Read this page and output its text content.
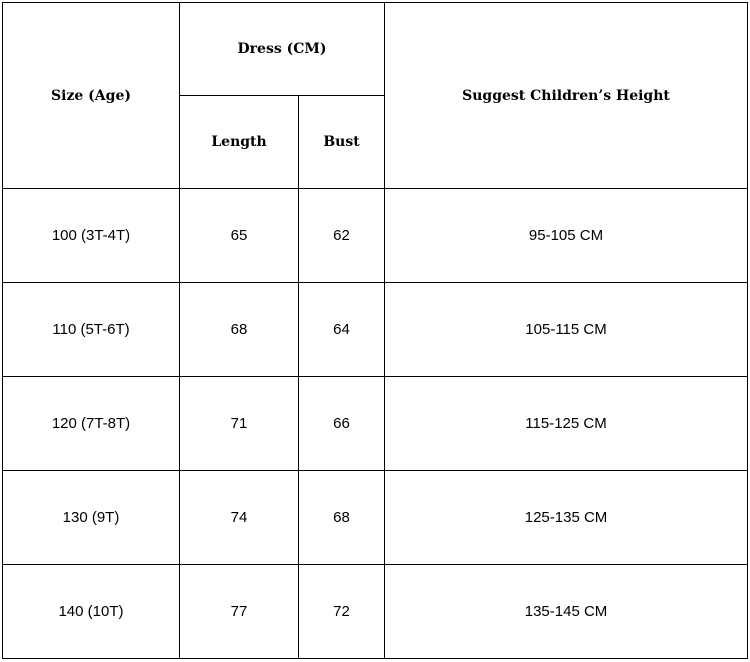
Size (Age)	Dress (CM)		Suggest Children’s Height
	Length	Bust	
100 (3T-4T)	65	62	95-105 CM
110 (5T-6T)	68	64	105-115 CM
120 (7T-8T)	71	66	115-125 CM
130 (9T)	74	68	125-135 CM
140 (10T)	77	72	135-145 CM
